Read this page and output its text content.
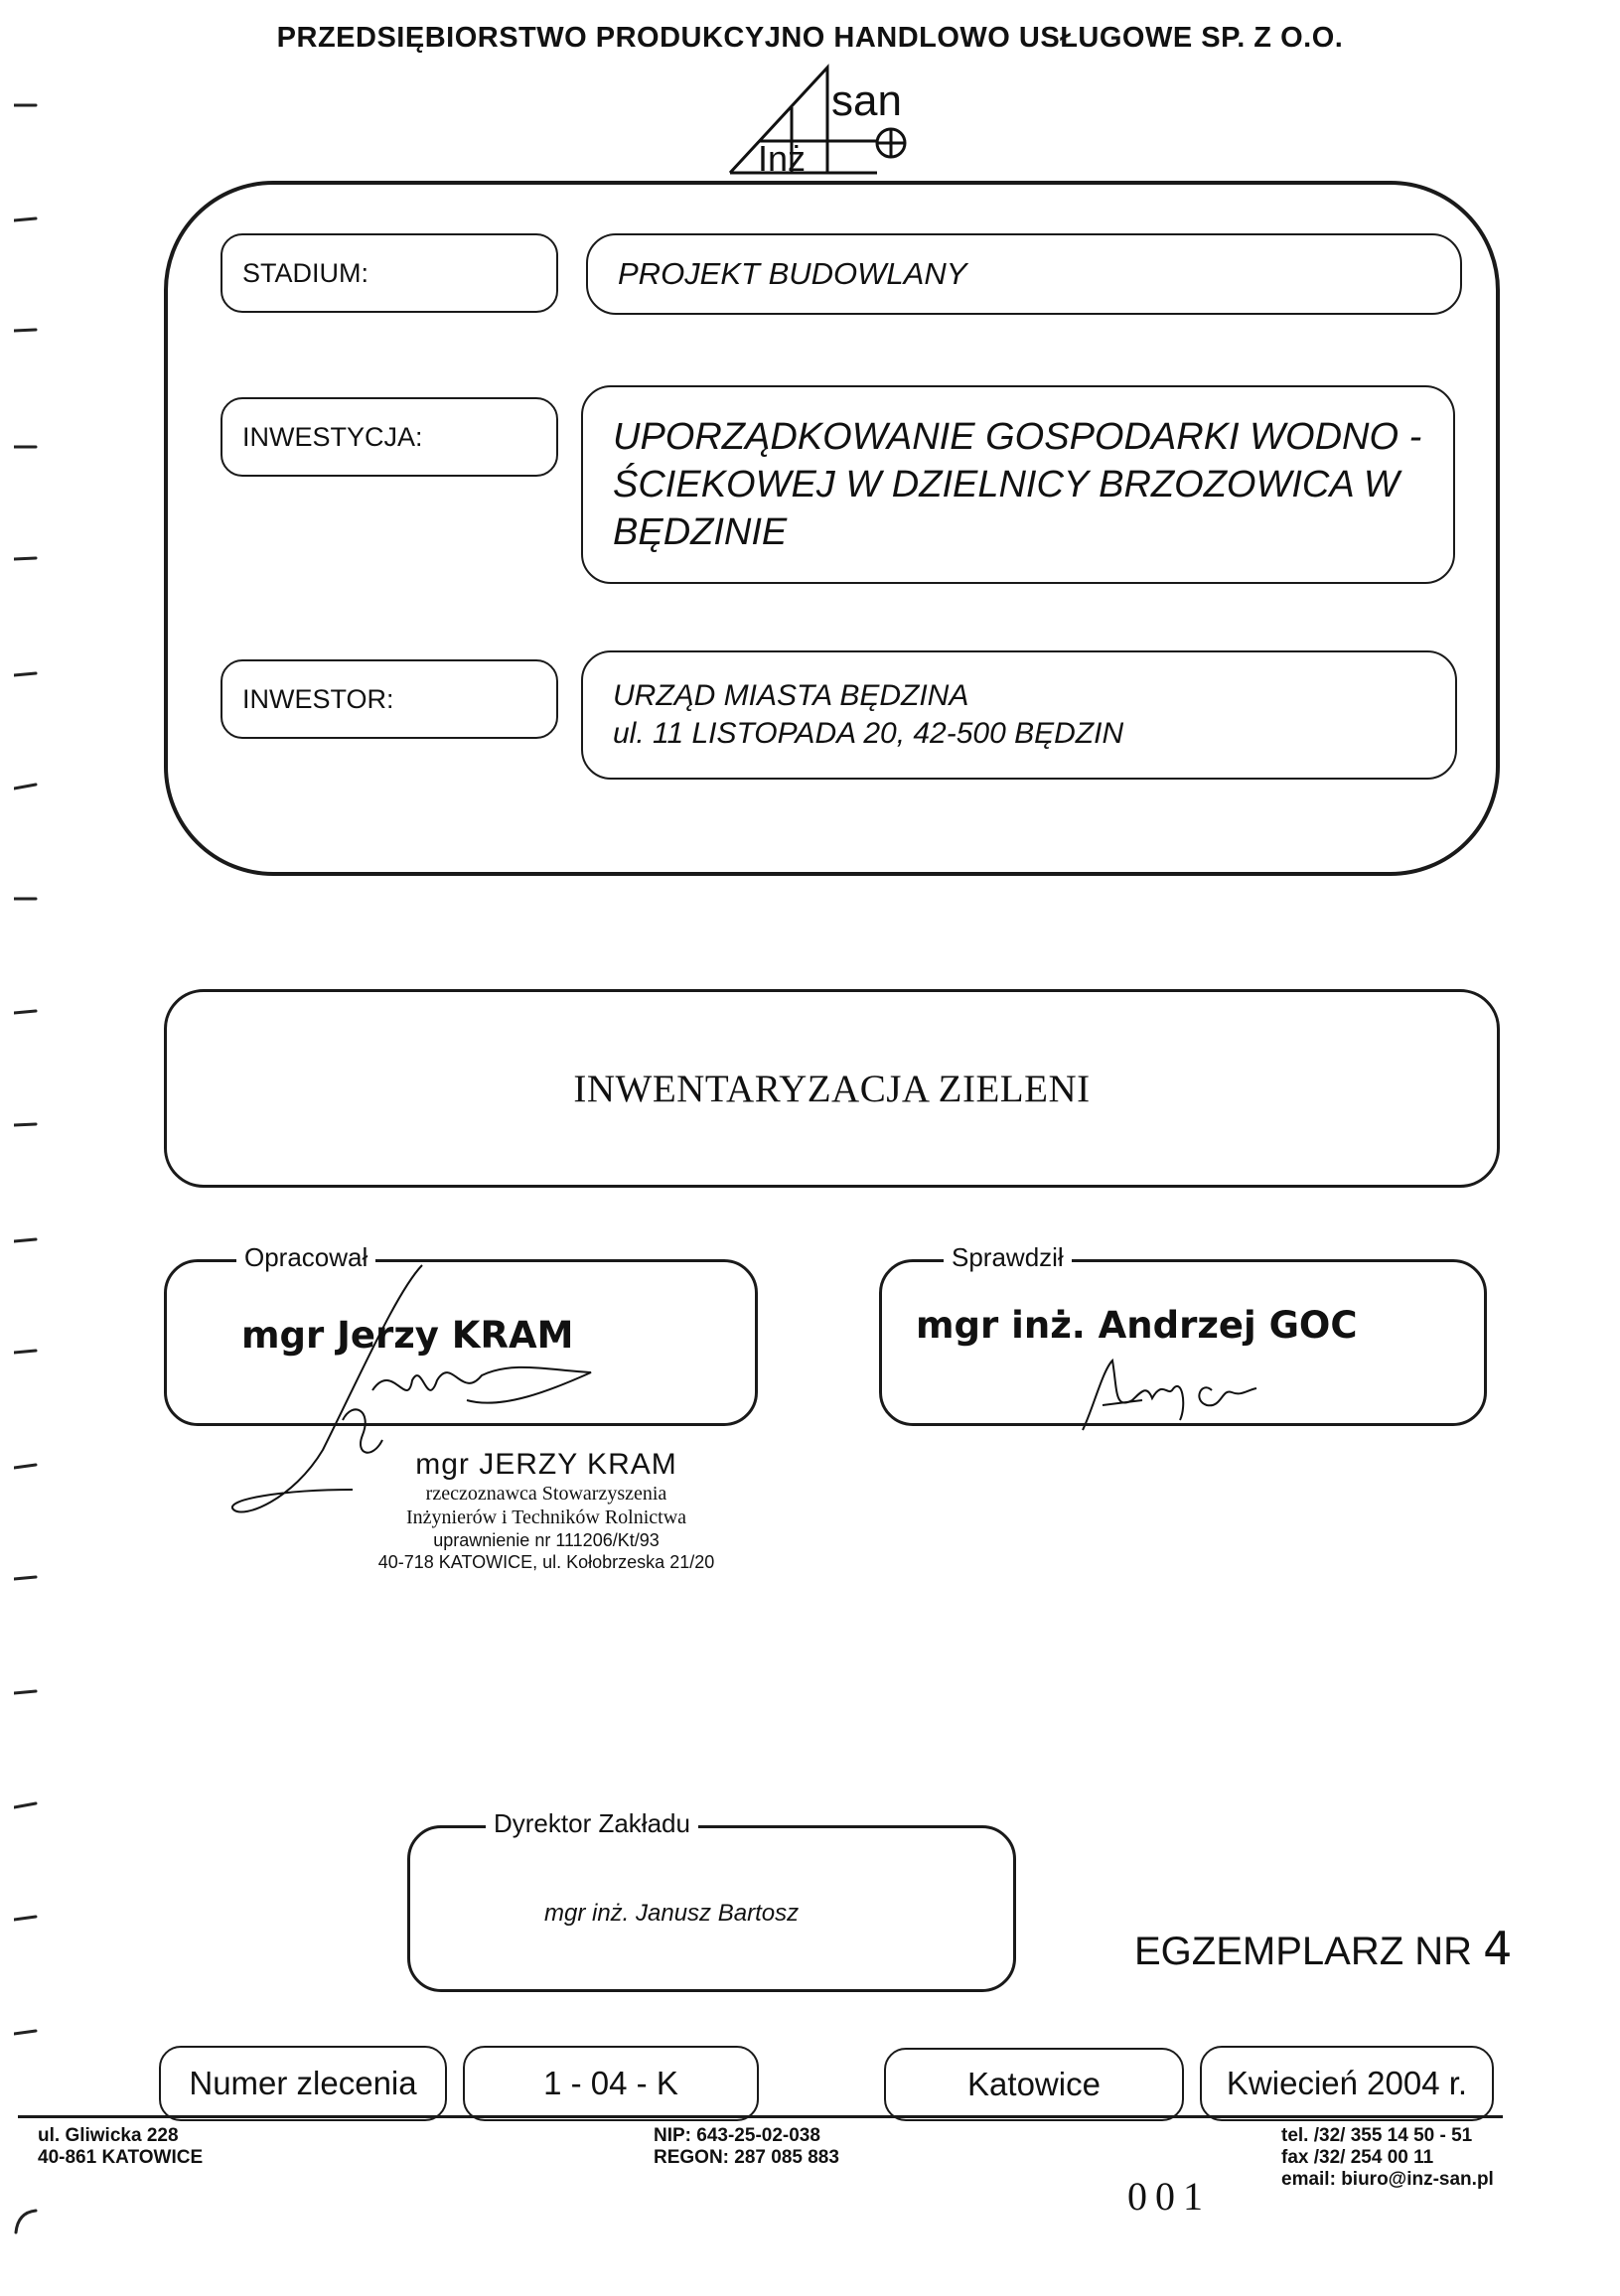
PRZEDSIĘBIORSTWO PRODUKCYJNO HANDLOWO USŁUGOWE SP. Z O.O.
san
Inż
STADIUM:	PROJEKT BUDOWLANY
INWESTYCJA:	UPORZĄDKOWANIE GOSPODARKI WODNO -
ŚCIEKOWEJ W DZIELNICY BRZOZOWICA W
BĘDZINIE
INWESTOR:	URZĄD MIASTA BĘDZINA
ul. 11 LISTOPADA 20, 42-500 BĘDZIN
INWENTARYZACJA ZIELENI
Opracował
mgr Jerzy KRAM
Sprawdził
mgr inż. Andrzej GOC
mgr JERZY KRAM
rzeczoznawca Stowarzyszenia
Inżynierów i Techników Rolnictwa
uprawnienie nr 111206/Kt/93
40-718 KATOWICE, ul. Kołobrzeska 21/20
Dyrektor Zakładu
mgr inż. Janusz Bartosz
EGZEMPLARZ NR 4
Numer zlecenia	1 - 04 - K	Katowice	Kwiecień 2004 r.
ul. Gliwicka 228
40-861 KATOWICE
NIP: 643-25-02-038
REGON: 287 085 883
tel. /32/ 355 14 50 - 51
fax /32/ 254 00 11
email: biuro@inz-san.pl
001
